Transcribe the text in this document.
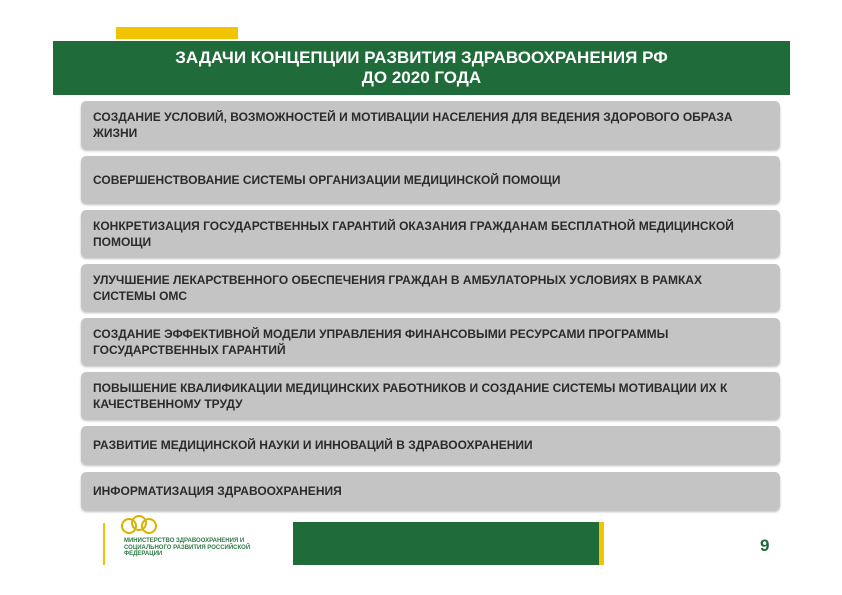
ЗАДАЧИ КОНЦЕПЦИИ РАЗВИТИЯ ЗДРАВООХРАНЕНИЯ РФ
ДО 2020 ГОДА
СОЗДАНИЕ УСЛОВИЙ, ВОЗМОЖНОСТЕЙ И МОТИВАЦИИ НАСЕЛЕНИЯ ДЛЯ ВЕДЕНИЯ ЗДОРОВОГО ОБРАЗА ЖИЗНИ
СОВЕРШЕНСТВОВАНИЕ СИСТЕМЫ ОРГАНИЗАЦИИ МЕДИЦИНСКОЙ ПОМОЩИ
КОНКРЕТИЗАЦИЯ ГОСУДАРСТВЕННЫХ ГАРАНТИЙ ОКАЗАНИЯ ГРАЖДАНАМ БЕСПЛАТНОЙ МЕДИЦИНСКОЙ ПОМОЩИ
УЛУЧШЕНИЕ ЛЕКАРСТВЕННОГО ОБЕСПЕЧЕНИЯ ГРАЖДАН В АМБУЛАТОРНЫХ УСЛОВИЯХ В РАМКАХ СИСТЕМЫ ОМС
СОЗДАНИЕ ЭФФЕКТИВНОЙ МОДЕЛИ УПРАВЛЕНИЯ ФИНАНСОВЫМИ РЕСУРСАМИ ПРОГРАММЫ ГОСУДАРСТВЕННЫХ ГАРАНТИЙ
ПОВЫШЕНИЕ КВАЛИФИКАЦИИ МЕДИЦИНСКИХ РАБОТНИКОВ И СОЗДАНИЕ СИСТЕМЫ МОТИВАЦИИ ИХ К КАЧЕСТВЕННОМУ ТРУДУ
РАЗВИТИЕ МЕДИЦИНСКОЙ НАУКИ И ИННОВАЦИЙ В ЗДРАВООХРАНЕНИИ
ИНФОРМАТИЗАЦИЯ ЗДРАВООХРАНЕНИЯ
МИНИСТЕРСТВО ЗДРАВООХРАНЕНИЯ И СОЦИАЛЬНОГО РАЗВИТИЯ РОССИЙСКОЙ ФЕДЕРАЦИИ	9
